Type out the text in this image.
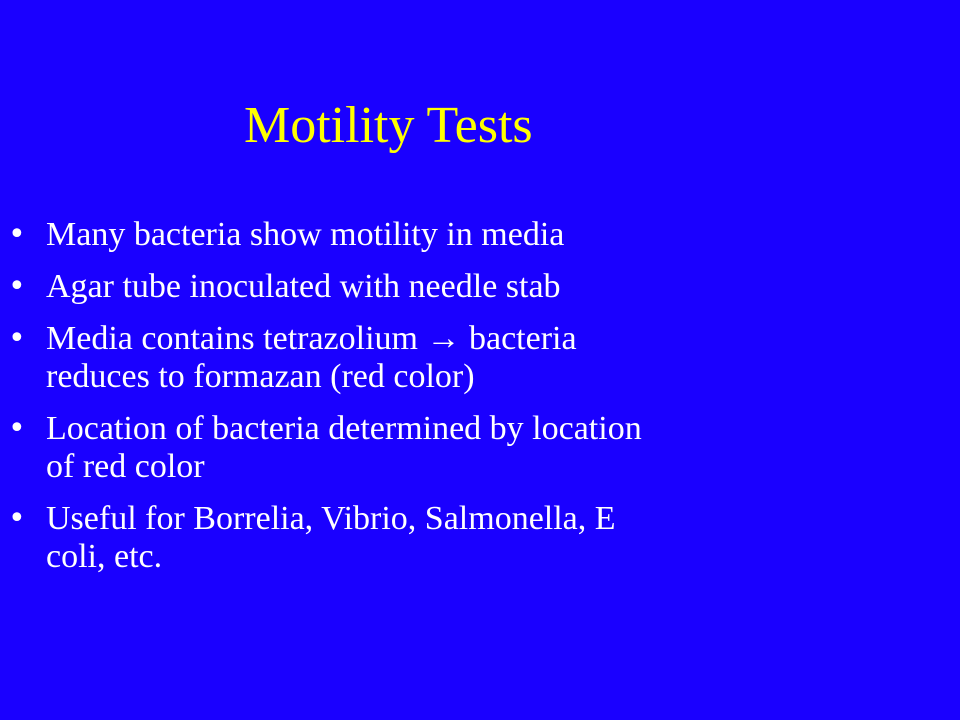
Motility Tests
• Many bacteria show motility in media
• Agar tube inoculated with needle stab
• Media contains tetrazolium → bacteria
reduces to formazan (red color)
• Location of bacteria determined by location
of red color
• Useful for Borrelia, Vibrio, Salmonella, E
coli, etc.
